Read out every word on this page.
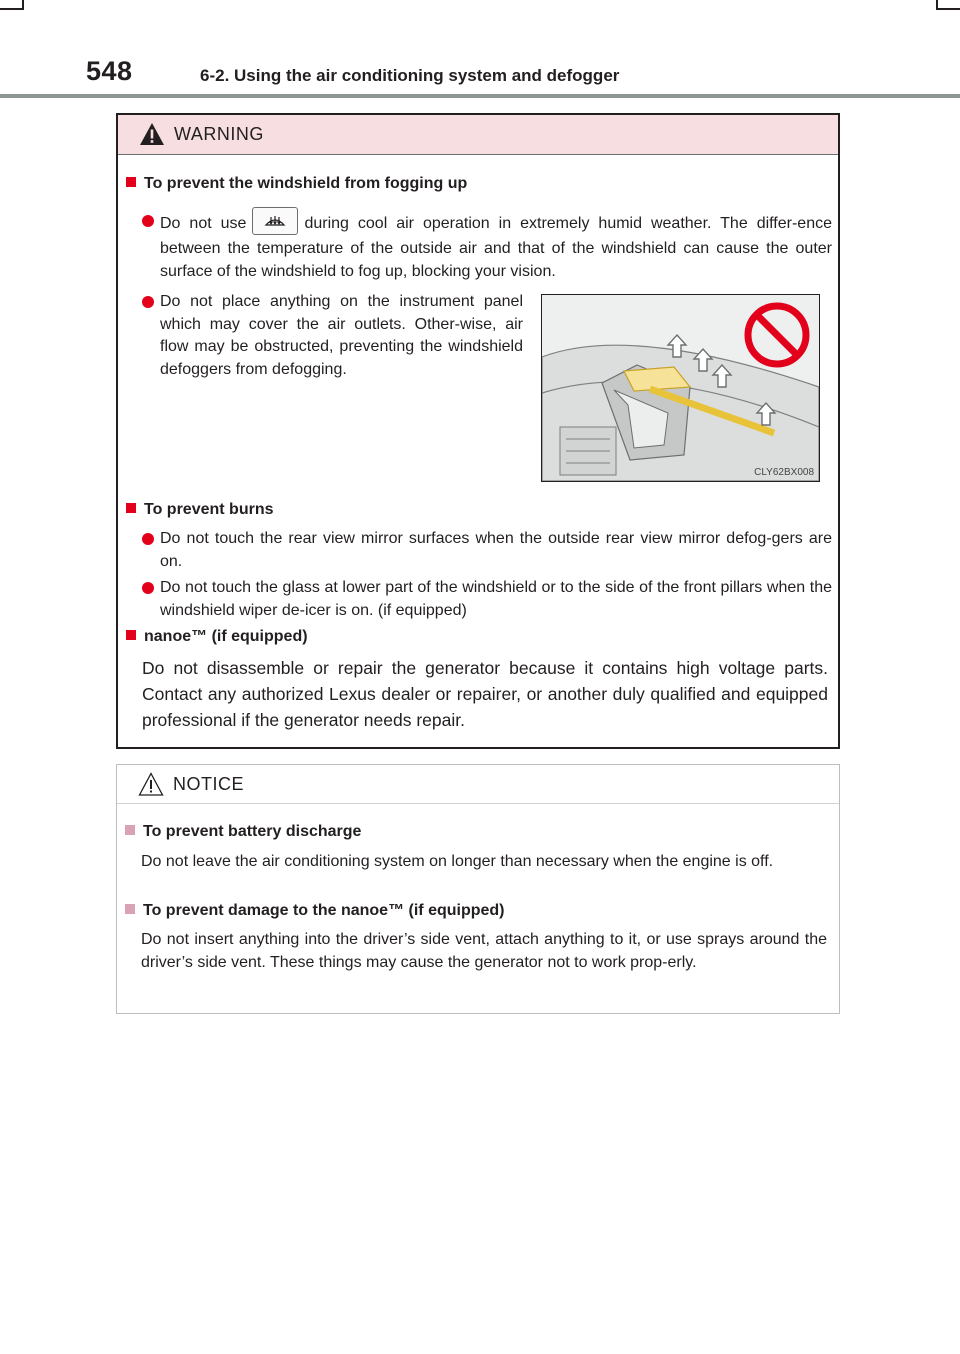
548	6-2. Using the air conditioning system and defogger
WARNING
To prevent the windshield from fogging up
Do not use	during cool air operation in extremely humid weather. The differ-ence between the temperature of the outside air and that of the windshield can cause the outer surface of the windshield to fog up, blocking your vision.
Do not place anything on the instrument panel which may cover the air outlets. Other-wise, air flow may be obstructed, preventing the windshield defoggers from defogging.
CLY62BX008
To prevent burns
Do not touch the rear view mirror surfaces when the outside rear view mirror defog-gers are on.
Do not touch the glass at lower part of the windshield or to the side of the front pillars when the windshield wiper de-icer is on. (if equipped)
nanoe™ (if equipped)
Do not disassemble or repair the generator because it contains high voltage parts. Contact any authorized Lexus dealer or repairer, or another duly qualified and equipped professional if the generator needs repair.
NOTICE
To prevent battery discharge
Do not leave the air conditioning system on longer than necessary when the engine is off.
To prevent damage to the nanoe™ (if equipped)
Do not insert anything into the driver’s side vent, attach anything to it, or use sprays around the driver’s side vent. These things may cause the generator not to work prop-erly.
